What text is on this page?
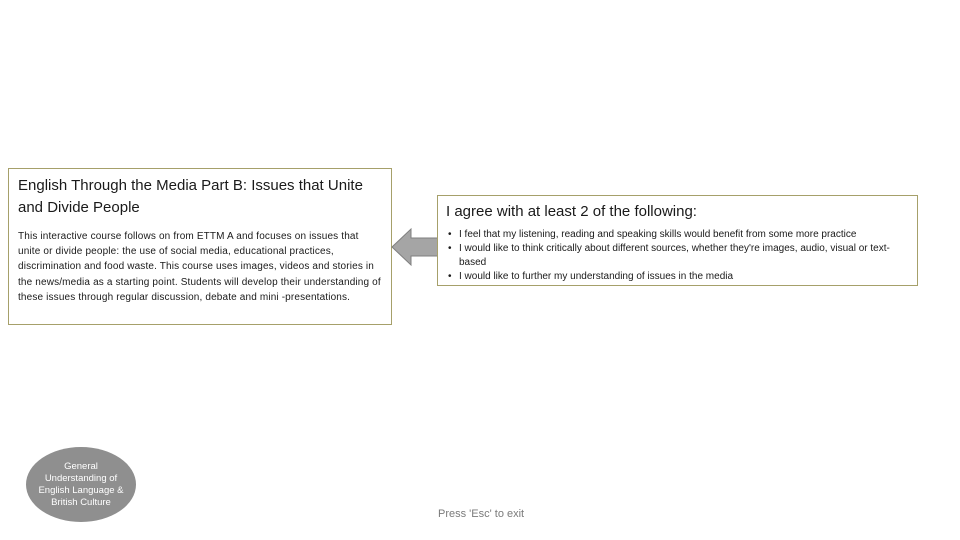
English Through the Media Part B: Issues that Unite and Divide People
This interactive course follows on from ETTM A and focuses on issues that unite or divide people: the use of social media, educational practices, discrimination and food waste. This course uses images, videos and stories in the news/media as a starting point. Students will develop their understanding of these issues through regular discussion, debate and mini -presentations.
I agree with at least 2 of the following:
• I feel that my listening, reading and speaking skills would benefit from some more practice
• I would like to think critically about different sources, whether they're images, audio, visual or text-based
• I would like to further my understanding of issues in the media
General
Understanding of
English Language &
British Culture
Press 'Esc' to exit
